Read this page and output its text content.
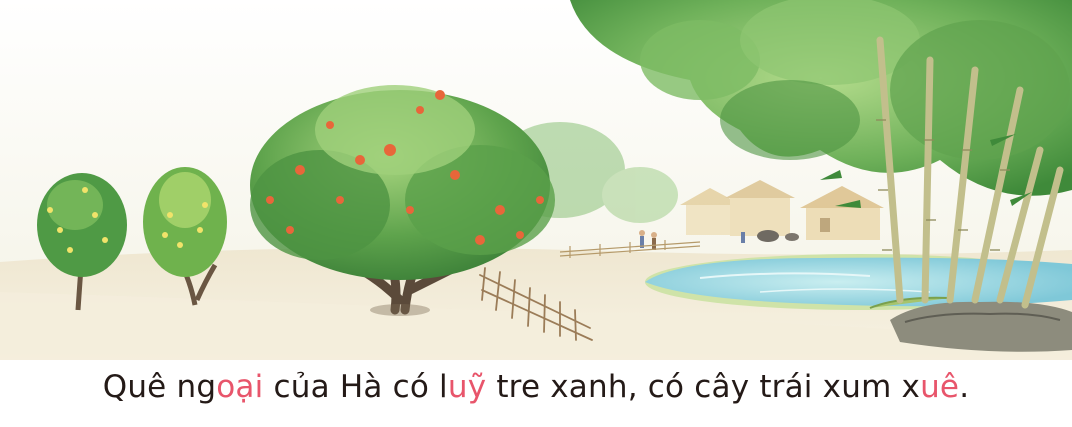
Quê ngoại của Hà có luỹ tre xanh, có cây trái xum xuê.
